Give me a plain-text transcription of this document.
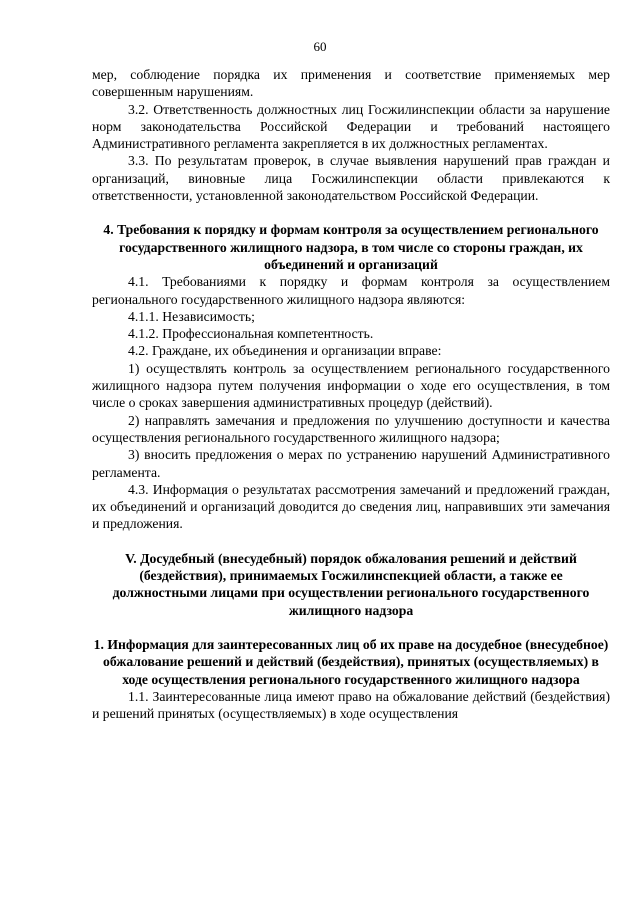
60

мер, соблюдение порядка их применения и соответствие применяемых мер совершенным нарушениям.

3.2. Ответственность должностных лиц Госжилинспекции области за нарушение норм законодательства Российской Федерации и требований настоящего Административного регламента закрепляется в их должностных регламентах.

3.3. По результатам проверок, в случае выявления нарушений прав граждан и организаций, виновные лица Госжилинспекции области привлекаются к ответственности, установленной законодательством Российской Федерации.

4. Требования к порядку и формам контроля за осуществлением регионального государственного жилищного надзора, в том числе со стороны граждан, их объединений и организаций

4.1. Требованиями к порядку и формам контроля за осуществлением регионального государственного жилищного надзора являются:

4.1.1. Независимость;

4.1.2. Профессиональная компетентность.

4.2. Граждане, их объединения и организации вправе:

1) осуществлять контроль за осуществлением регионального государственного жилищного надзора путем получения информации о ходе его осуществления, в том числе о сроках завершения административных процедур (действий).

2) направлять замечания и предложения по улучшению доступности и качества осуществления регионального государственного жилищного надзора;

3) вносить предложения о мерах по устранению нарушений Административного регламента.

4.3. Информация о результатах рассмотрения замечаний и предложений граждан, их объединений и организаций доводится до сведения лиц, направивших эти замечания и предложения.

V. Досудебный (внесудебный) порядок обжалования решений и действий (бездействия), принимаемых Госжилинспекцией области, а также ее должностными лицами при осуществлении регионального государственного жилищного надзора
1. Информация для заинтересованных лиц об их праве на досудебное (внесудебное) обжалование решений и действий (бездействия), принятых (осуществляемых) в ходе осуществления регионального государственного жилищного надзора

1.1. Заинтересованные лица имеют право на обжалование действий (бездействия) и решений принятых (осуществляемых) в ходе осуществления
